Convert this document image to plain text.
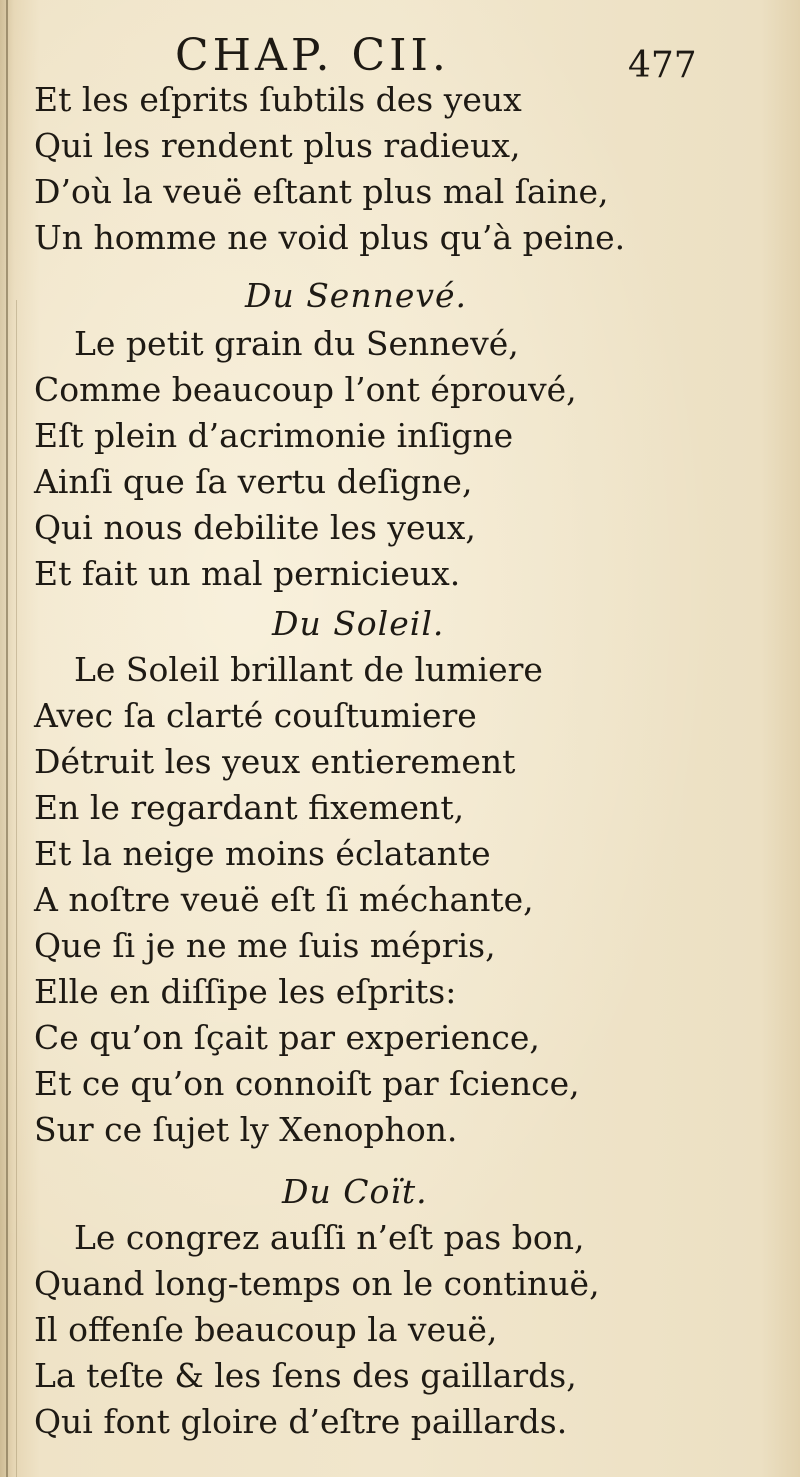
CHAP. CII.	477
Et les eſprits ſubtils des yeux
Qui les rendent plus radieux,
D’où la veuë eſtant plus mal ſaine,
Un homme ne void plus qu’à peine.
Du Sennevé.
Le petit grain du Sennevé,
Comme beaucoup l’ont éprouvé,
Eſt plein d’acrimonie inſigne
Ainſi que ſa vertu deſigne,
Qui nous debilite les yeux,
Et fait un mal pernicieux.
Du Soleil.
Le Soleil brillant de lumiere
Avec ſa clarté couſtumiere
Détruit les yeux entierement
En le regardant fixement,
Et la neige moins éclatante
A noſtre veuë eſt ſi méchante,
Que ſi je ne me ſuis mépris,
Elle en diſſipe les eſprits:
Ce qu’on ſçait par experience,
Et ce qu’on connoiſt par ſcience,
Sur ce ſujet ly Xenophon.
Du Coït.
Le congrez auſſi n’eſt pas bon,
Quand long-temps on le continuë,
Il offenſe beaucoup la veuë,
La teſte & les ſens des gaillards,
Qui font gloire d’eſtre paillards.
